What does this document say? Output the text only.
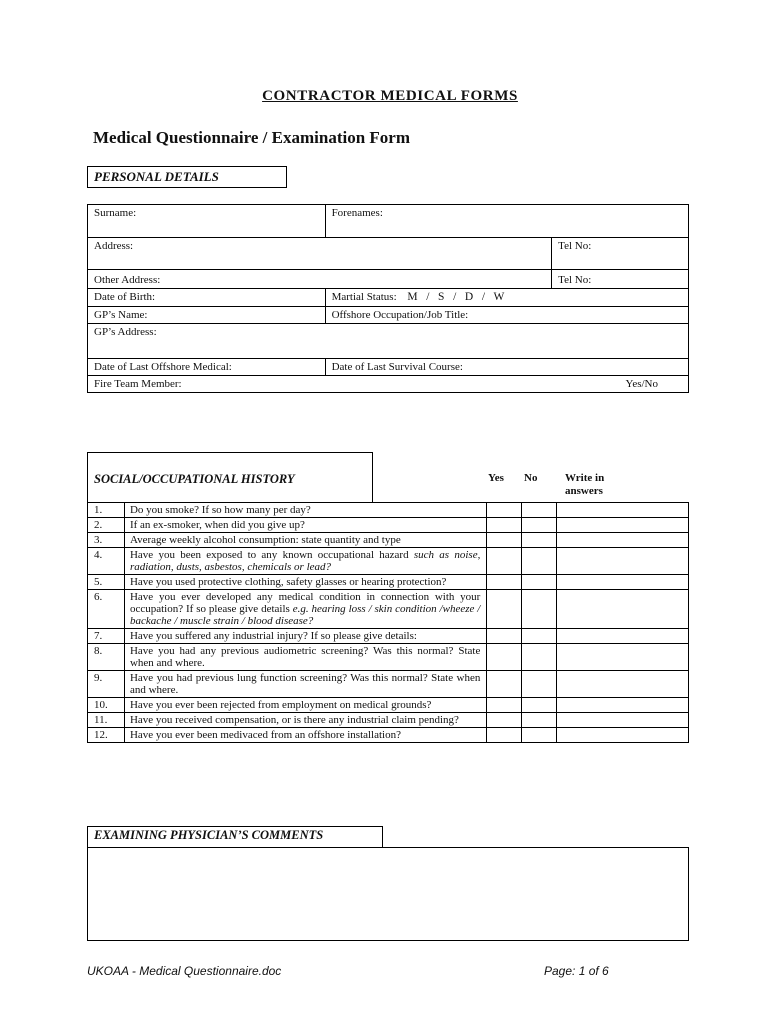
CONTRACTOR MEDICAL FORMS
Medical Questionnaire / Examination Form
PERSONAL DETAILS
Surname:	Forenames:	
Address:		Tel No:
Other Address:		Tel No:
Date of Birth:	Martial Status: M   /   S   /   D   /   W	
GP’s Name:	Offshore Occupation/Job Title:	
GP’s Address:		
Date of Last Offshore Medical:	Date of Last Survival Course:	
Fire Team Member: Yes/No		
SOCIAL/OCCUPATIONAL HISTORY	Yes No	Write in answers
1.	Do you smoke? If so how many per day?			
2.	If an ex-smoker, when did you give up?			
3.	Average weekly alcohol consumption: state quantity and type			
4.	Have you been exposed to any known occupational hazard such as noise, radiation, dusts, asbestos, chemicals or lead?			
5.	Have you used protective clothing, safety glasses or hearing protection?			
6.	Have you ever developed any medical condition in connection with your occupation? If so please give details e.g. hearing loss / skin condition /wheeze / backache / muscle strain / blood disease?			
7.	Have you suffered any industrial injury? If so please give details:			
8.	Have you had any previous audiometric screening? Was this normal? State when and where.			
9.	Have you had previous lung function screening? Was this normal? State when and where.			
10.	Have you ever been rejected from employment on medical grounds?			
11.	Have you received compensation, or is there any industrial claim pending?			
12.	Have you ever been medivaced from an offshore installation?			
EXAMINING PHYSICIAN’S COMMENTS
UKOAA - Medical Questionnaire.doc	Page: 1 of 6
